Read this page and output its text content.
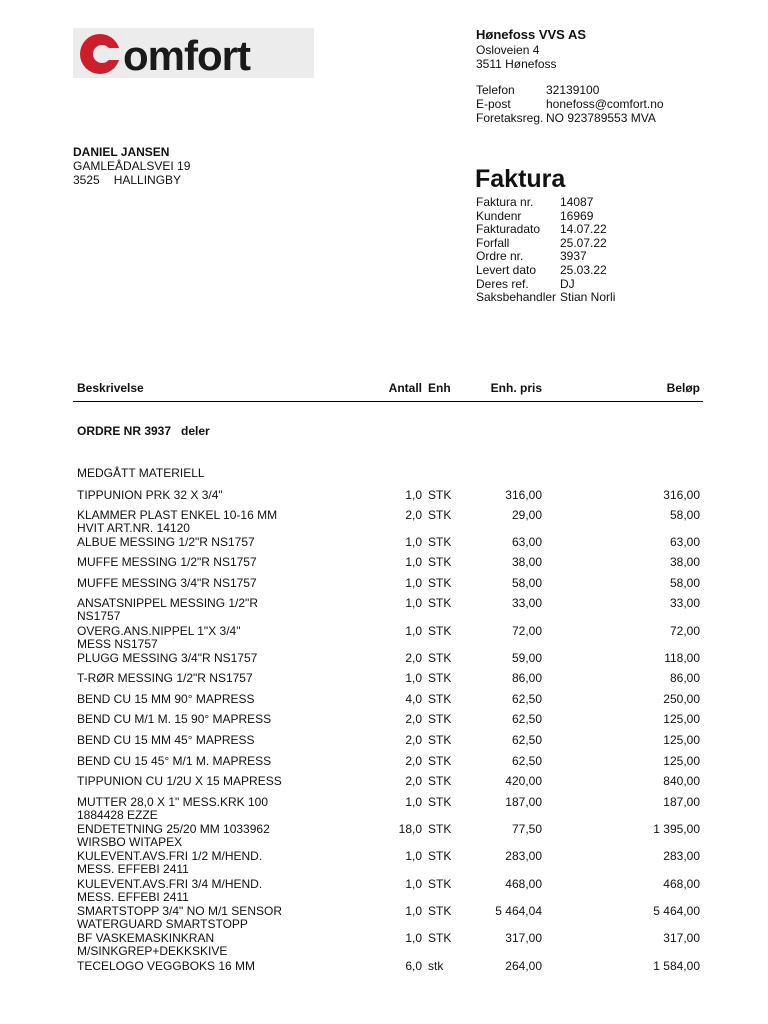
omfort	Hønefoss VVS AS
Osloveien 4
3511 Hønefoss
Telefon	32139100
E-post	honefoss@comfort.no
Foretaksreg. NO 923789553 MVA
DANIEL JANSEN
GAMLEÅDALSVEI 19
3525 HALLINGBY	Faktura
Faktura nr.	14087
Kundenr	16969
Fakturadato	14.07.22
Forfall	25.07.22
Ordre nr.	3937
Levert dato	25.03.22
Deres ref.	DJ
Saksbehandler Stian Norli
Beskrivelse	Antall Enh	Enh. pris	Beløp
ORDRE NR 3937 deler
MEDGÅTT MATERIELL
TIPPUNION PRK 32 X 3/4"	1,0 STK	316,00	316,00
KLAMMER PLAST ENKEL 10-16 MM
HVIT ART.NR. 14120
2,0 STK	29,00	58,00
ALBUE MESSING 1/2"R NS1757	1,0 STK	63,00	63,00
MUFFE MESSING 1/2"R NS1757	1,0 STK	38,00	38,00
MUFFE MESSING 3/4"R NS1757	1,0 STK	58,00	58,00
ANSATSNIPPEL MESSING 1/2"R
NS1757
1,0 STK	33,00	33,00
OVERG.ANS.NIPPEL 1"X 3/4"
MESS NS1757
1,0 STK	72,00	72,00
PLUGG MESSING 3/4"R NS1757	2,0 STK	59,00	118,00
T-RØR MESSING 1/2"R NS1757	1,0 STK	86,00	86,00
BEND CU 15 MM 90° MAPRESS	4,0 STK	62,50	250,00
BEND CU M/1 M. 15 90° MAPRESS	2,0 STK	62,50	125,00
BEND CU 15 MM 45° MAPRESS	2,0 STK	62,50	125,00
BEND CU 15 45° M/1 M. MAPRESS	2,0 STK	62,50	125,00
TIPPUNION CU 1/2U X 15 MAPRESS	2,0 STK	420,00	840,00
MUTTER 28,0 X 1" MESS.KRK 100
1884428 EZZE
1,0 STK	187,00	187,00
ENDETETNING 25/20 MM 1033962
WIRSBO WITAPEX
18,0 STK	77,50	1 395,00
KULEVENT.AVS.FRI 1/2 M/HEND.
MESS. EFFEBI 2411
1,0 STK	283,00	283,00
KULEVENT.AVS.FRI 3/4 M/HEND.
MESS. EFFEBI 2411
1,0 STK	468,00	468,00
SMARTSTOPP 3/4" NO M/1 SENSOR
WATERGUARD SMARTSTOPP
1,0 STK	5 464,04	5 464,00
BF VASKEMASKINKRAN
M/SINKGREP+DEKKSKIVE
1,0 STK	317,00	317,00
TECELOGO VEGGBOKS 16 MM	6,0 stk	264,00	1 584,00
